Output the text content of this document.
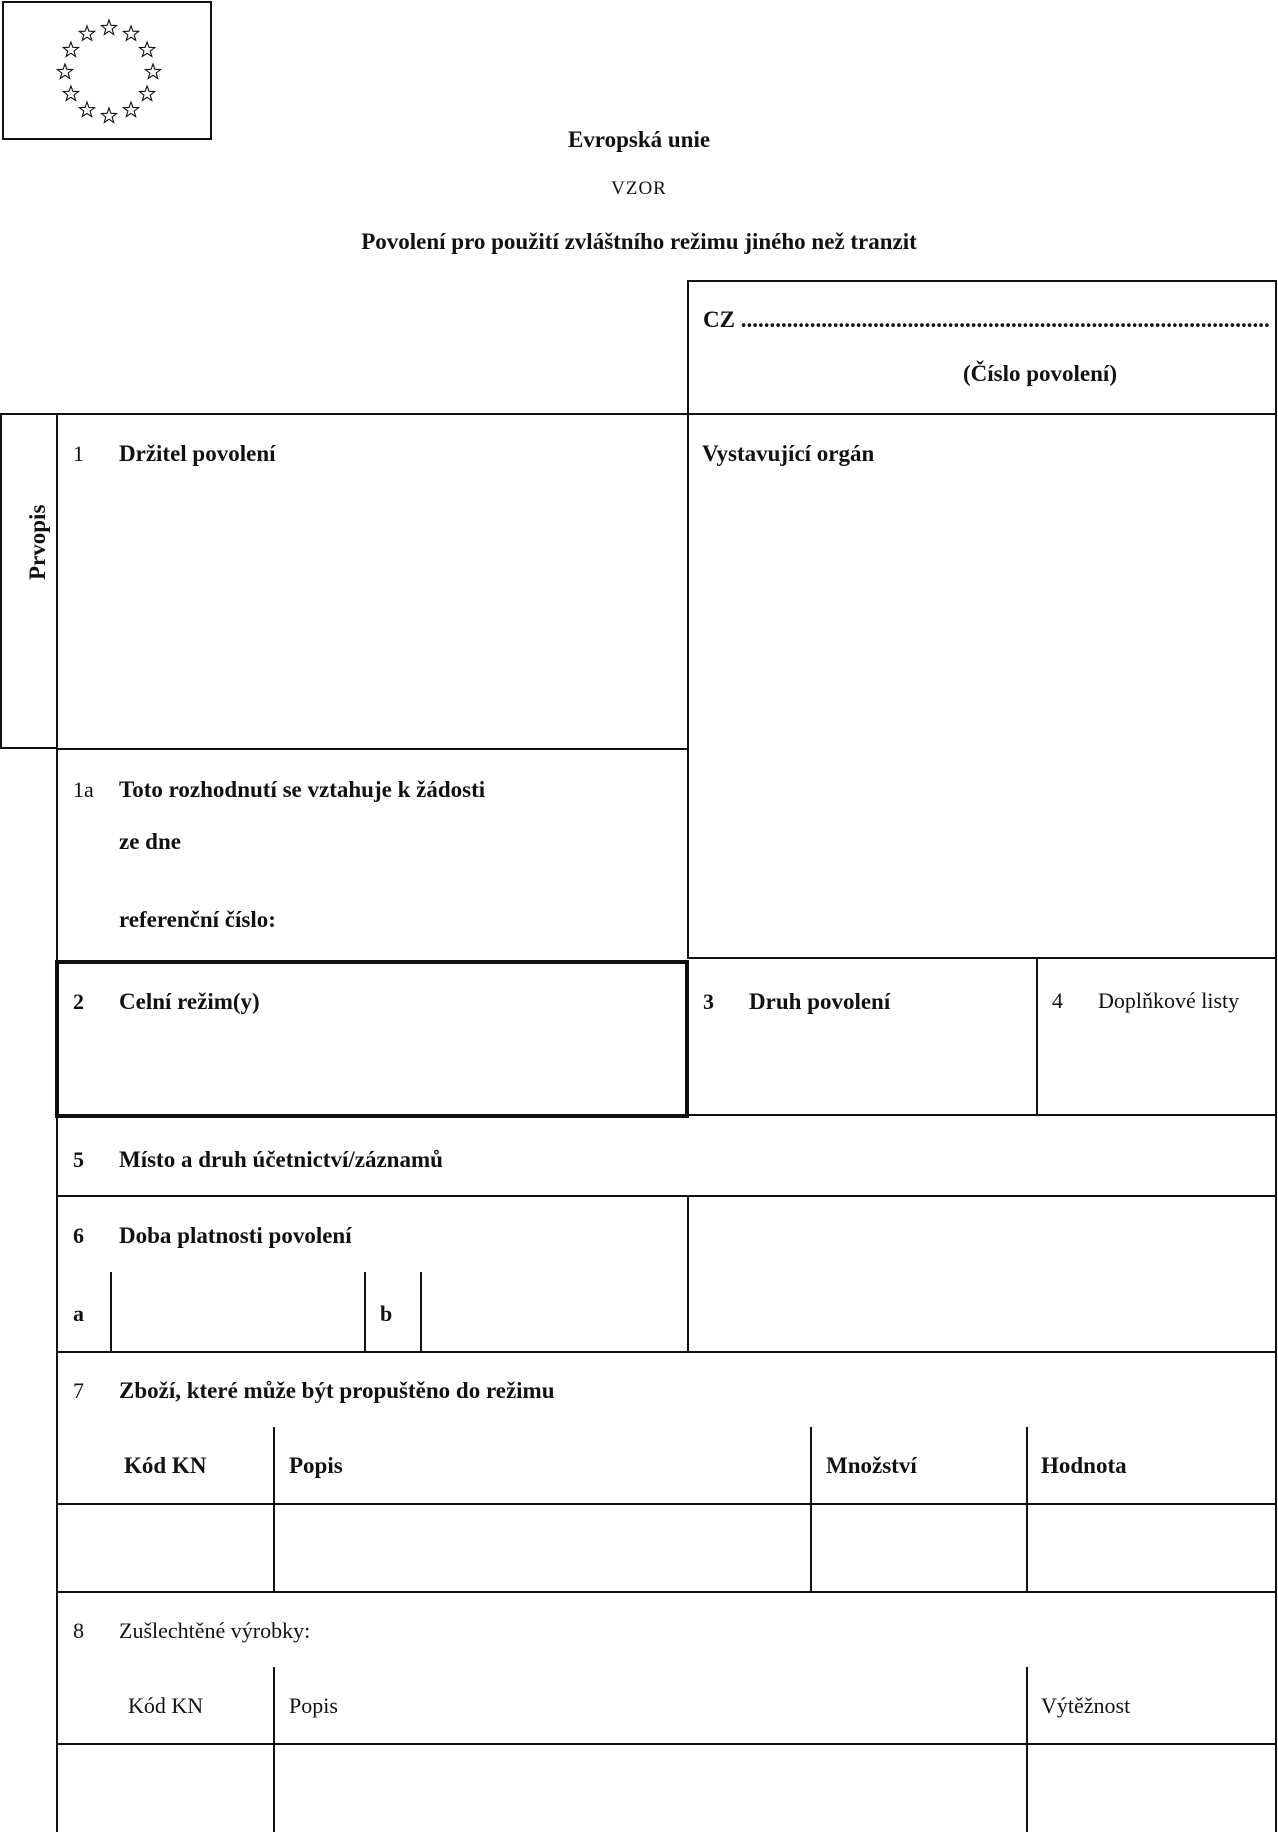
Evropská unie
VZOR
Povolení pro použití zvláštního režimu jiného než tranzit
CZ ............................................................................................
(Číslo povolení)
Prvopis
1 Držitel povolení	Vystavující orgán
1a Toto rozhodnutí se vztahuje k žádosti
ze dne
referenční číslo:
2 Celní režim(y)	3 Druh povolení	4 Doplňkové listy
5 Místo a druh účetnictví/záznamů
6 Doba platnosti povolení
a	b
7 Zboží, které může být propuštěno do režimu
Kód KN	Popis	Množství	Hodnota
8 Zušlechtěné výrobky:
Kód KN	Popis	Výtěžnost
